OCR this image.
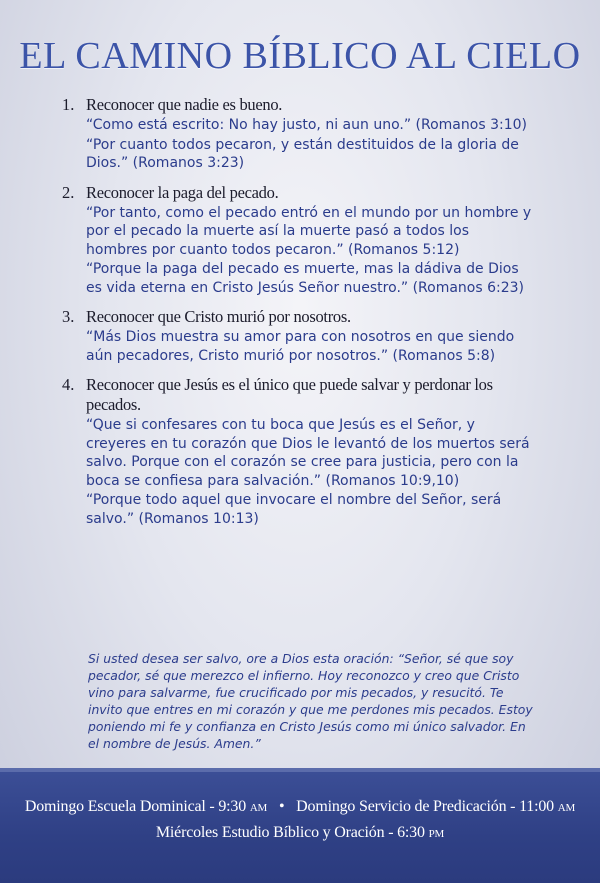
EL CAMINO BÍBLICO AL CIELO
1. Reconocer que nadie es bueno.
“Como está escrito: No hay justo, ni aun uno.” (Romanos 3:10)
“Por cuanto todos pecaron, y están destituidos de la gloria de Dios.” (Romanos 3:23)
2. Reconocer la paga del pecado.
“Por tanto, como el pecado entró en el mundo por un hombre y por el pecado la muerte así la muerte pasó a todos los hombres por cuanto todos pecaron.” (Romanos 5:12)
“Porque la paga del pecado es muerte, mas la dádiva de Dios es vida eterna en Cristo Jesús Señor nuestro.” (Romanos 6:23)
3. Reconocer que Cristo murió por nosotros.
“Más Dios muestra su amor para con nosotros en que siendo aún pecadores, Cristo murió por nosotros.” (Romanos 5:8)
4. Reconocer que Jesús es el único que puede salvar y perdonar los pecados.
“Que si confesares con tu boca que Jesús es el Señor, y creyeres en tu corazón que Dios le levantó de los muertos será salvo. Porque con el corazón se cree para justicia, pero con la boca se confiesa para salvación.” (Romanos 10:9,10)
“Porque todo aquel que invocare el nombre del Señor, será salvo.” (Romanos 10:13)

Si usted desea ser salvo, ore a Dios esta oración: “Señor, sé que soy pecador, sé que merezco el infierno. Hoy reconozco y creo que Cristo vino para salvarme, fue crucificado por mis pecados, y resucitó. Te invito que entres en mi corazón y que me perdones mis pecados. Estoy poniendo mi fe y confianza en Cristo Jesús como mi único salvador. En el nombre de Jesús. Amen.”

Domingo Escuela Dominical - 9:30 AM • Domingo Servicio de Predicación - 11:00 AM
Miércoles Estudio Bíblico y Oración - 6:30 PM
